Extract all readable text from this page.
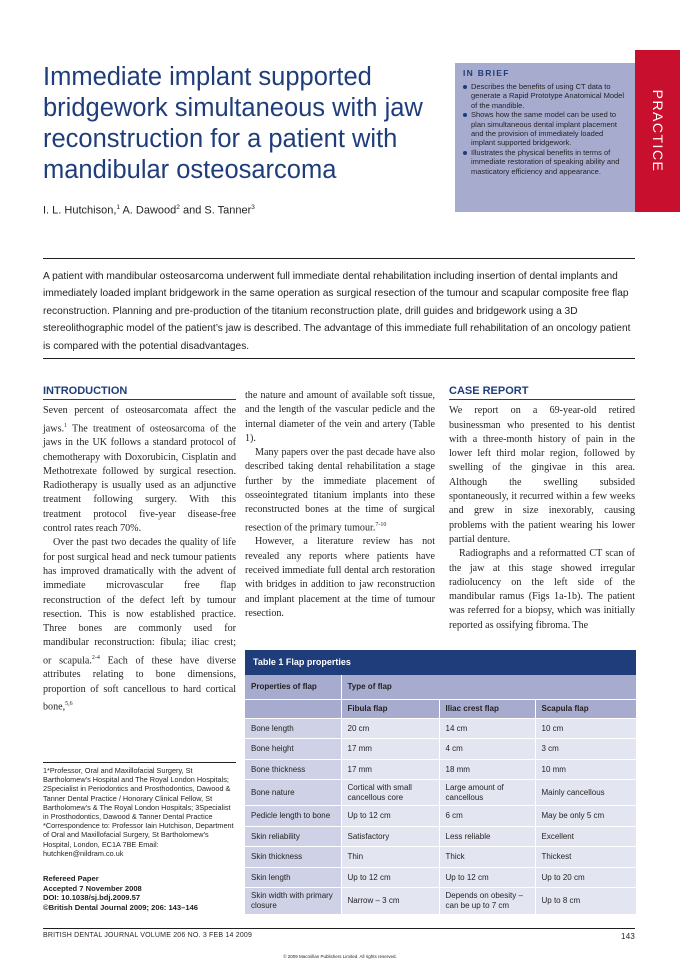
Immediate implant supported bridgework simultaneous with jaw reconstruction for a patient with mandibular osteosarcoma
I. L. Hutchison,$^1$ A. Dawood$^2$ and S. Tanner$^3$
IN BRIEF
Describes the benefits of using CT data to generate a Rapid Prototype Anatomical Model of the mandible.
Shows how the same model can be used to plan simultaneous dental implant placement and the provision of immediately loaded implant supported bridgework.
Illustrates the physical benefits in terms of immediate restoration of speaking ability and masticatory efficiency and appearance.	PRACTICE

A patient with mandibular osteosarcoma underwent full immediate dental rehabilitation including insertion of dental implants and immediately loaded implant bridgework in the same operation as surgical resection of the tumour and scapular composite free flap reconstruction. Planning and pre-production of the titanium reconstruction plate, drill guides and bridgework using a 3D stereolithographic model of the patient’s jaw is described. The advantage of this immediate full rehabilitation of an oncology patient is compared with the potential disadvantages.

INTRODUCTION

Seven percent of osteosarcomata affect the jaws.$^1$ The treatment of osteosarcoma of the jaws in the UK follows a standard protocol of chemotherapy with Doxorubicin, Cisplatin and Methotrexate followed by surgical resection. Radiotherapy is usually used as an adjunctive treatment following surgery. With this treatment protocol five-year disease-free control rates reach 70%.

Over the past two decades the quality of life for post surgical head and neck tumour patients has improved dramatically with the advent of immediate microvascular free flap reconstruction of the defect left by tumour resection. This is now established practice. Three bones are commonly used for mandibular reconstruction: fibula; iliac crest; or scapula.$^{2-4}$ Each of these have diverse attributes relating to bone dimensions, proportion of soft cancellous to hard cortical bone,$^{5,6}$

1*Professor, Oral and Maxillofacial Surgery, St Bartholomew’s Hospital and The Royal London Hospitals; 2Specialist in Periodontics and Prosthodontics, Dawood & Tanner Dental Practice / Honorary Clinical Fellow, St Bartholomew’s & The Royal London Hospitals; 3Specialist in Prosthodontics, Dawood & Tanner Dental Practice *Correspondence to: Professor Iain Hutchison, Department of Oral and Maxillofacial Surgery, St Bartholomew’s Hospital, London, EC1A 7BE Email: hutchken@nildram.co.uk

Refereed Paper
Accepted 7 November 2008
DOI: 10.1038/sj.bdj.2009.57
©British Dental Journal 2009; 206: 143–146

the nature and amount of available soft tissue, and the length of the vascular pedicle and the internal diameter of the vein and artery (Table 1).

Many papers over the past decade have also described taking dental rehabilitation a stage further by the immediate placement of osseointegrated titanium implants into these reconstructed bones at the time of surgical resection of the primary tumour.$^{7-10}$

However, a literature review has not revealed any reports where patients have received immediate full dental arch restoration with bridges in addition to jaw reconstruction and implant placement at the time of tumour resection.

CASE REPORT

We report on a 69-year-old retired businessman who presented to his dentist with a three-month history of pain in the lower left third molar region, followed by swelling of the gingivae in this area. Although the swelling subsided spontaneously, it recurred within a few weeks and grew in size inexorably, causing problems with the patient wearing his lower partial denture.

Radiographs and a reformatted CT scan of the jaw at this stage showed irregular radiolucency on the left side of the mandibular ramus (Figs 1a-1b). The patient was referred for a biopsy, which was initially reported as ossifying fibroma. The

Table 1 Flap properties
Properties of flap	Type of flap		
	Fibula flap	Iliac crest flap	Scapula flap
Bone length	20 cm	14 cm	10 cm
Bone height	17 mm	4 cm	3 cm
Bone thickness	17 mm	18 mm	10 mm
Bone nature	Cortical with small cancellous core	Large amount of cancellous	Mainly cancellous
Pedicle length to bone	Up to 12 cm	6 cm	May be only 5 cm
Skin reliability	Satisfactory	Less reliable	Excellent
Skin thickness	Thin	Thick	Thickest
Skin length	Up to 12 cm	Up to 12 cm	Up to 20 cm
Skin width with primary closure	Narrow – 3 cm	Depends on obesity – can be up to 7 cm	Up to 8 cm
BRITISH DENTAL JOURNAL VOLUME 206 NO. 3 FEB 14 2009	143
© 2009 Macmillan Publishers Limited. All rights reserved.
